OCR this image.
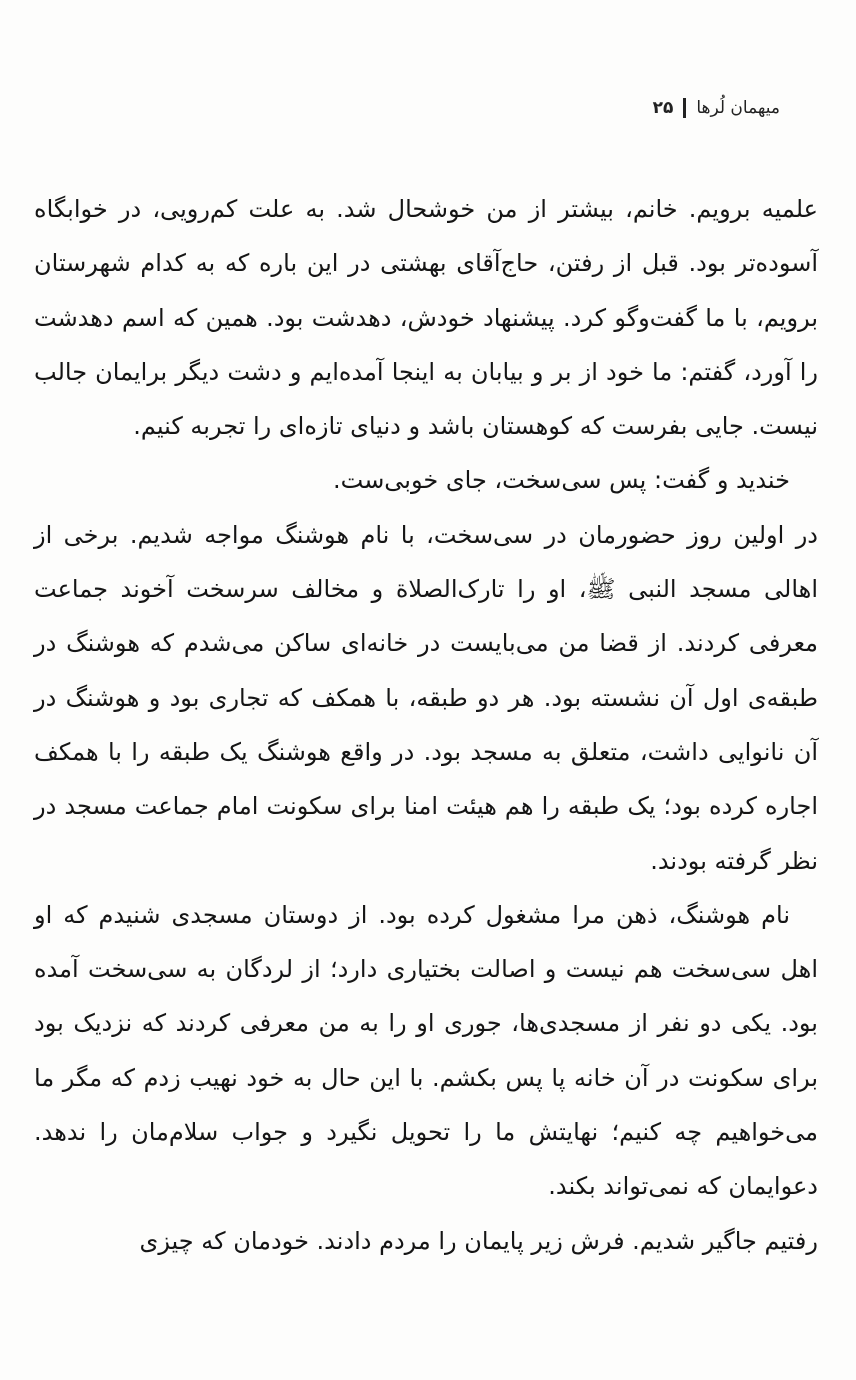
میهمان لُرها
۲۵

علمیه برویم. خانم، بیشتر از من خوشحال شد. به علت کم‌رویی، در خوابگاه آسوده‌تر بود. قبل از رفتن، حاج‌آقای بهشتی در این باره که به کدام شهرستان برویم، با ما گفت‌وگو کرد. پیشنهاد خودش، دهدشت بود. همین که اسم دهدشت را آورد، گفتم: ما خود از بر و بیابان به اینجا آمده‌ایم و دشت دیگر برایمان جالب نیست. جایی بفرست که کوهستان باشد و دنیای تازه‌ای را تجربه کنیم.

خندید و گفت: پس سی‌سخت، جای خوبی‌ست.

در اولین روز حضورمان در سی‌سخت، با نام هوشنگ مواجه شدیم. برخی از اهالی مسجد النبی ﷺ، او را تارک‌الصلاة و مخالف سرسخت آخوند جماعت معرفی کردند. از قضا من می‌بایست در خانه‌ای ساکن می‌شدم که هوشنگ در طبقه‌ی اول آن نشسته بود. هر دو طبقه، با همکف که تجاری بود و هوشنگ در آن نانوایی داشت، متعلق به مسجد بود. در واقع هوشنگ یک طبقه را با همکف اجاره کرده بود؛ یک طبقه را هم هیئت امنا برای سکونت امام جماعت مسجد در نظر گرفته بودند.

نام هوشنگ، ذهن مرا مشغول کرده بود. از دوستان مسجدی شنیدم که او اهل سی‌سخت هم نیست و اصالت بختیاری دارد؛ از لردگان به سی‌سخت آمده بود. یکی دو نفر از مسجدی‌ها، جوری او را به من معرفی کردند که نزدیک بود برای سکونت در آن خانه پا پس بکشم. با این حال به خود نهیب زدم که مگر ما می‌خواهیم چه کنیم؛ نهایتش ما را تحویل نگیرد و جواب سلام‌مان را ندهد. دعوایمان که نمی‌تواند بکند.

رفتیم جاگیر شدیم. فرش زیر پایمان را مردم دادند. خودمان که چیزی
